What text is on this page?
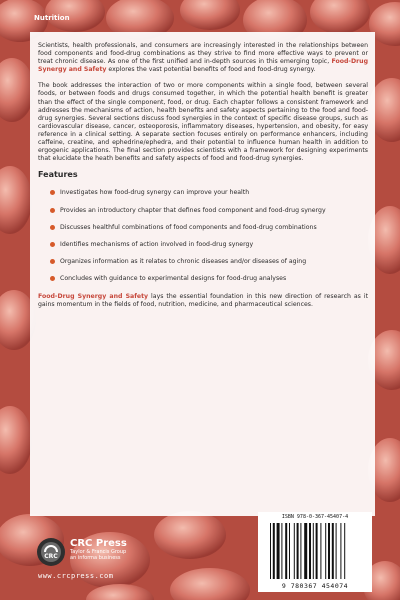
Nutrition

Scientists, health professionals, and consumers are increasingly interested in the relationships between food components and food-drug combinations as they strive to find more effective ways to prevent or treat chronic disease. As one of the first unified and in-depth sources in this emerging topic, Food-Drug Synergy and Safety explores the vast potential benefits of food and food-drug synergy.

The book addresses the interaction of two or more components within a single food, between several foods, or between foods and drugs consumed together, in which the potential health benefit is greater than the effect of the single component, food, or drug. Each chapter follows a consistent framework and addresses the mechanisms of action, health benefits and safety aspects pertaining to the food and food-drug synergies. Several sections discuss food synergies in the context of specific disease groups, such as cardiovascular disease, cancer, osteoporosis, inflammatory diseases, hypertension, and obesity, for easy reference in a clinical setting. A separate section focuses entirely on performance enhancers, including caffeine, creatine, and ephedrine/ephedra, and their potential to influence human health in addition to ergogenic applications. The final section provides scientists with a framework for designing experiments that elucidate the heath benefits and safety aspects of food and food-drug synergies.

Features
Investigates how food-drug synergy can improve your health
Provides an introductory chapter that defines food component and food-drug synergy
Discusses healthful combinations of food components and food-drug combinations
Identifies mechanisms of action involved in food-drug synergy
Organizes information as it relates to chronic diseases and/or diseases of aging
Concludes with guidance to experimental designs for food-drug analyses

Food-Drug Synergy and Safety lays the essential foundation in this new direction of research as it gains momentum in the fields of food, nutrition, medicine, and pharmaceutical sciences.

CRC
CRC Press
Taylor & Francis Group
an informa business
www.crcpress.com
ISBN 978-0-367-45407-4
9 780367 454074
